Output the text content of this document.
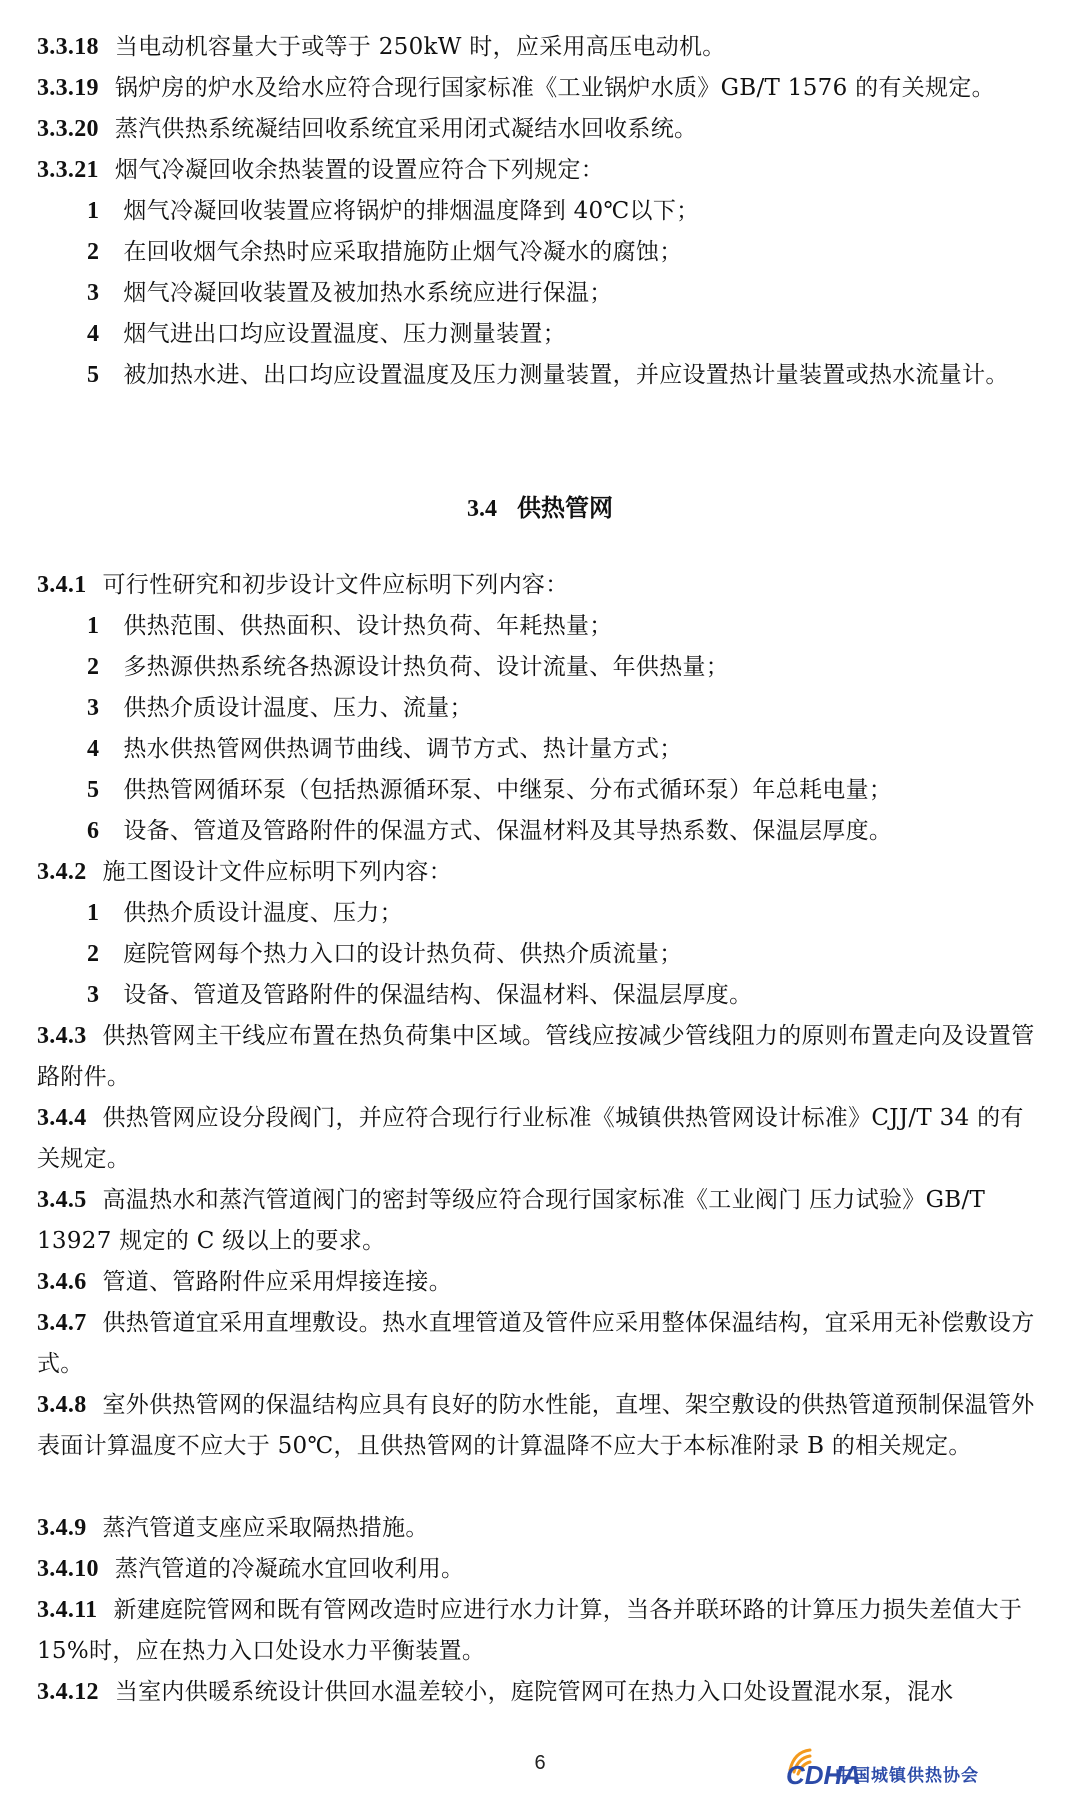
3.3.18 当电动机容量大于或等于 250kW 时，应采用高压电动机。
3.3.19 锅炉房的炉水及给水应符合现行国家标准《工业锅炉水质》GB/T 1576 的有关规定。
3.3.20 蒸汽供热系统凝结回收系统宜采用闭式凝结水回收系统。
3.3.21 烟气冷凝回收余热装置的设置应符合下列规定：
1 烟气冷凝回收装置应将锅炉的排烟温度降到 40℃以下；
2 在回收烟气余热时应采取措施防止烟气冷凝水的腐蚀；
3 烟气冷凝回收装置及被加热水系统应进行保温；
4 烟气进出口均应设置温度、压力测量装置；
5 被加热水进、出口均应设置温度及压力测量装置，并应设置热计量装置或热水流量计。
3.4 供热管网
3.4.1 可行性研究和初步设计文件应标明下列内容：
1 供热范围、供热面积、设计热负荷、年耗热量；
2 多热源供热系统各热源设计热负荷、设计流量、年供热量；
3 供热介质设计温度、压力、流量；
4 热水供热管网供热调节曲线、调节方式、热计量方式；
5 供热管网循环泵（包括热源循环泵、中继泵、分布式循环泵）年总耗电量；
6 设备、管道及管路附件的保温方式、保温材料及其导热系数、保温层厚度。
3.4.2 施工图设计文件应标明下列内容：
1 供热介质设计温度、压力；
2 庭院管网每个热力入口的设计热负荷、供热介质流量；
3 设备、管道及管路附件的保温结构、保温材料、保温层厚度。
3.4.3 供热管网主干线应布置在热负荷集中区域。管线应按减少管线阻力的原则布置走向及设置管路附件。
3.4.4 供热管网应设分段阀门，并应符合现行行业标准《城镇供热管网设计标准》CJJ/T 34 的有关规定。
3.4.5 高温热水和蒸汽管道阀门的密封等级应符合现行国家标准《工业阀门 压力试验》GB/T 13927 规定的 C 级以上的要求。
3.4.6 管道、管路附件应采用焊接连接。
3.4.7 供热管道宜采用直埋敷设。热水直埋管道及管件应采用整体保温结构，宜采用无补偿敷设方式。
3.4.8 室外供热管网的保温结构应具有良好的防水性能，直埋、架空敷设的供热管道预制保温管外表面计算温度不应大于 50℃，且供热管网的计算温降不应大于本标准附录 B 的相关规定。
3.4.9 蒸汽管道支座应采取隔热措施。
3.4.10 蒸汽管道的冷凝疏水宜回收利用。
3.4.11 新建庭院管网和既有管网改造时应进行水力计算，当各并联环路的计算压力损失差值大于 15%时，应在热力入口处设水力平衡装置。
3.4.12 当室内供暖系统设计供回水温差较小，庭院管网可在热力入口处设置混水泵，混水
6	CDHA
中国城镇供热协会
